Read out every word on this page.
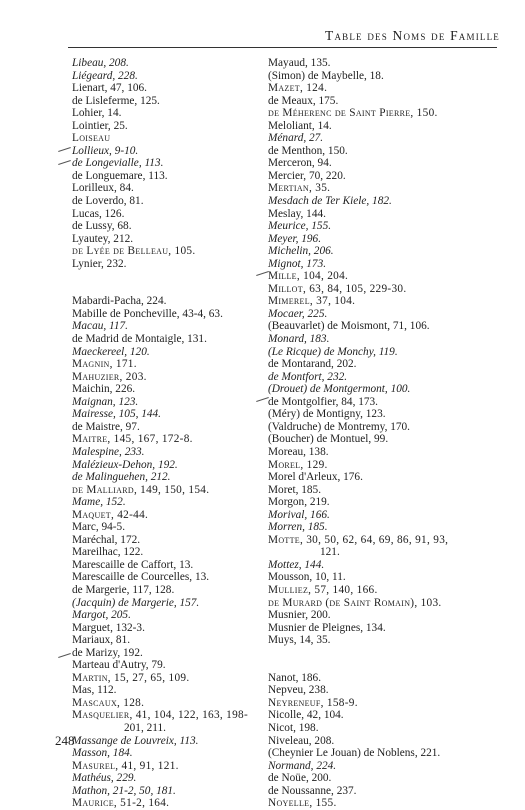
Table des Noms de Famille
Libeau, 208.
Liégeard, 228.
Lienart, 47, 106.
de Lisleferme, 125.
Lohier, 14.
Lointier, 25.
Loiseau
Lollieux, 9-10.
de Longevialle, 113.
de Longuemare, 113.
Lorilleux, 84.
de Loverdo, 81.
Lucas, 126.
de Lussy, 68.
Lyautey, 212.
de Lyée de Belleau, 105.
Lynier, 232.
Mabardi-Pacha, 224.
Mabille de Poncheville, 43-4, 63.
Macau, 117.
de Madrid de Montaigle, 131.
Maeckereel, 120.
Magnin, 171.
Mahuzier, 203.
Maichin, 226.
Maignan, 123.
Mairesse, 105, 144.
de Maistre, 97.
Maitre, 145, 167, 172-8.
Malespine, 233.
Malézieux-Dehon, 192.
de Malinguehen, 212.
de Malliard, 149, 150, 154.
Mame, 152.
Maquet, 42-44.
Marc, 94-5.
Maréchal, 172.
Mareilhac, 122.
Marescaille de Caffort, 13.
Marescaille de Courcelles, 13.
de Margerie, 117, 128.
(Jacquin) de Margerie, 157.
Margot, 205.
Marguet, 132-3.
Mariaux, 81.
de Marizy, 192.
Marteau d'Autry, 79.
Martin, 15, 27, 65, 109.
Mas, 112.
Mascaux, 128.
Masquelier, 41, 104, 122, 163, 198-
201, 211.
Massange de Louvreix, 113.
Masson, 184.
Masurel, 41, 91, 121.
Mathéus, 229.
Mathon, 21-2, 50, 181.
Maurice, 51-2, 164.
Mayaud, 135.
(Simon) de Maybelle, 18.
Mazet, 124.
de Meaux, 175.
de Méherenc de Saint Pierre, 150.
Meloliant, 14.
Ménard, 27.
de Menthon, 150.
Merceron, 94.
Mercier, 70, 220.
Mertian, 35.
Mesdach de Ter Kiele, 182.
Meslay, 144.
Meurice, 155.
Meyer, 196.
Michelin, 206.
Mignot, 173.
Mille, 104, 204.
Millot, 63, 84, 105, 229-30.
Mimerel, 37, 104.
Mocaer, 225.
(Beauvarlet) de Moismont, 71, 106.
Monard, 183.
(Le Ricque) de Monchy, 119.
de Montarand, 202.
de Montfort, 232.
(Drouet) de Montgermont, 100.
de Montgolfier, 84, 173.
(Méry) de Montigny, 123.
(Valdruche) de Montremy, 170.
(Boucher) de Montuel, 99.
Moreau, 138.
Morel, 129.
Morel d'Arleux, 176.
Moret, 185.
Morgon, 219.
Morival, 166.
Morren, 185.
Motte, 30, 50, 62, 64, 69, 86, 91, 93,
121.
Mottez, 144.
Mousson, 10, 11.
Mulliez, 57, 140, 166.
de Murard (de Saint Romain), 103.
Musnier, 200.
Musnier de Pleignes, 134.
Muys, 14, 35.
Nanot, 186.
Nepveu, 238.
Neyreneuf, 158-9.
Nicolle, 42, 104.
Nicot, 198.
Niveleau, 208.
(Cheynier Le Jouan) de Noblens, 221.
Normand, 224.
de Noüe, 200.
de Noussanne, 237.
Noyelle, 155.
248
